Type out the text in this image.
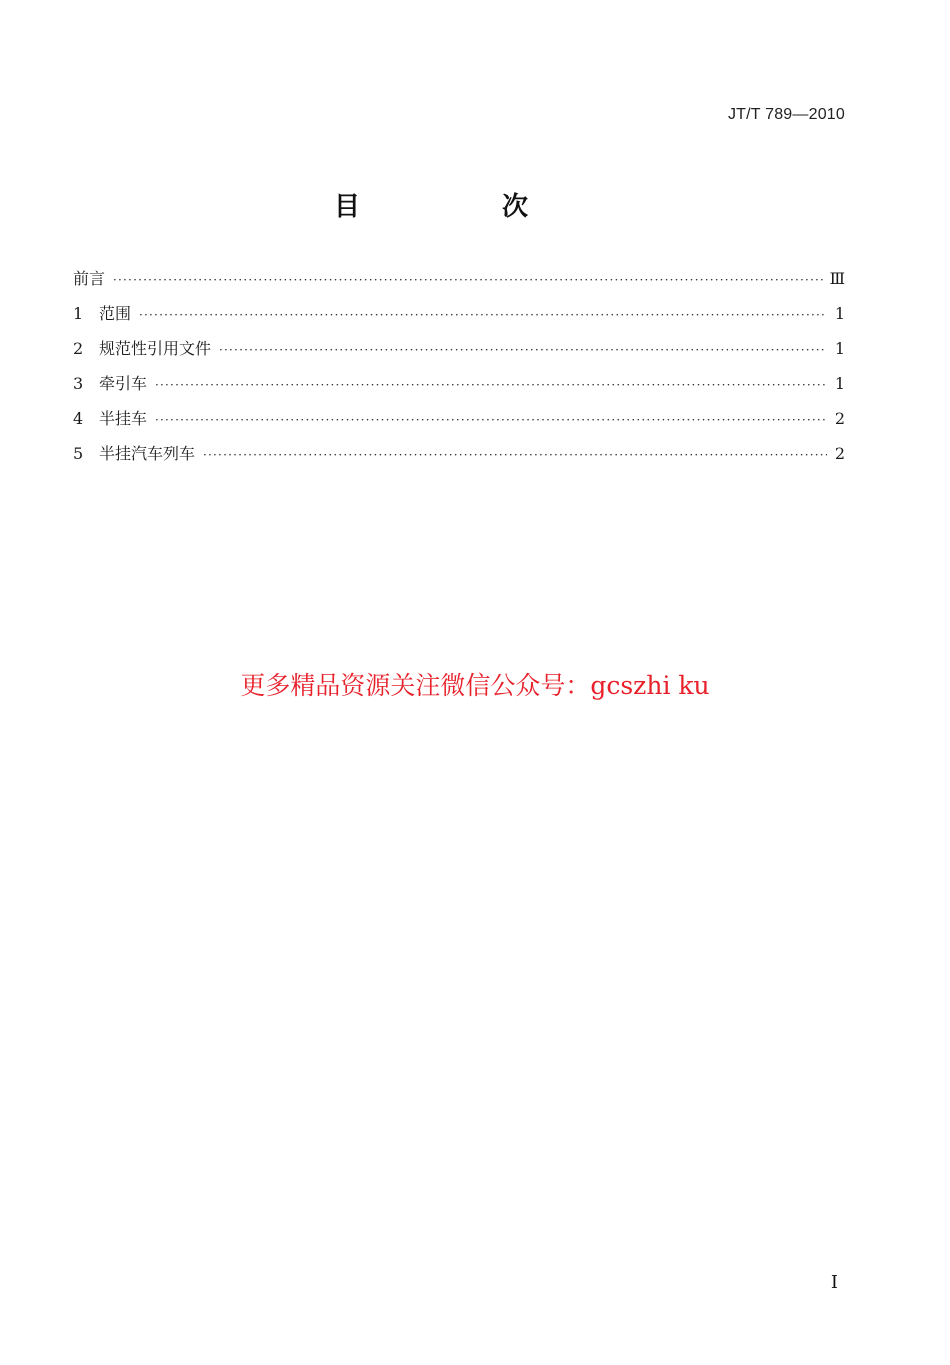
JT/T 789—2010
目　次
前言 ·····	Ⅲ
1 范围 ·····	1
2 规范性引用文件 ·····	1
3 牵引车 ·····	1
4 半挂车 ·····	2
5 半挂汽车列车 ·····	2
更多精品资源关注微信公众号：gcszhi ku
I
